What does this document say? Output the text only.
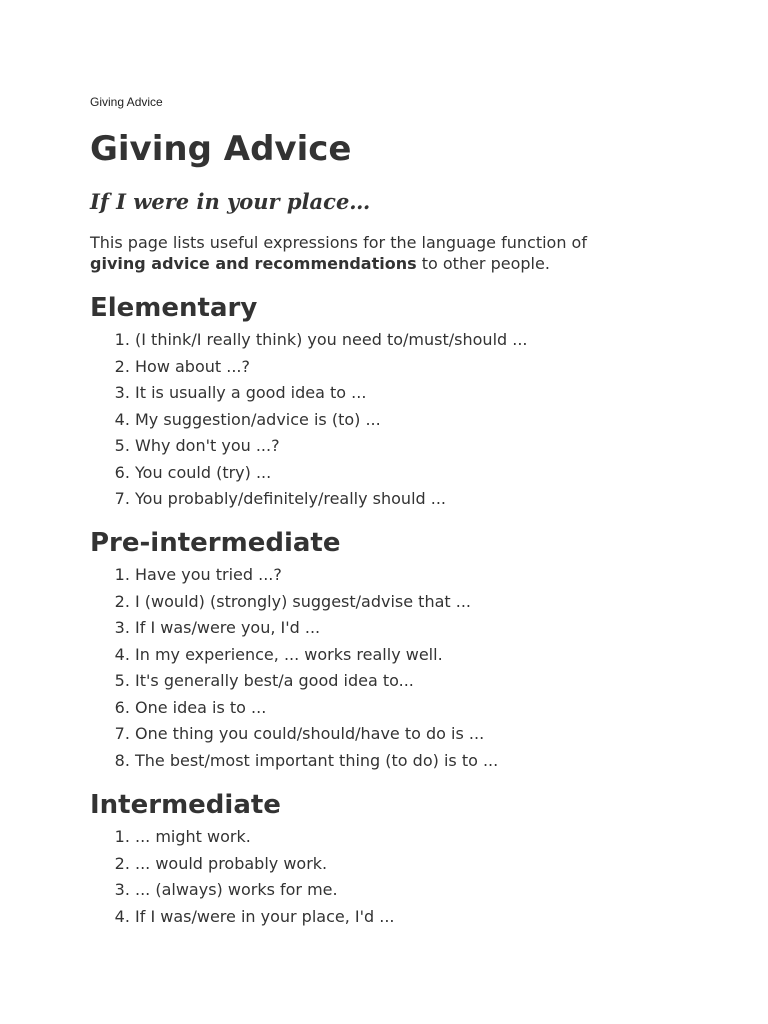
Giving Advice
Giving Advice
If I were in your place…

This page lists useful expressions for the language function of giving advice and recommendations to other people.

Elementary
1. (I think/I really think) you need to/must/should ...
2. How about ...?
3. It is usually a good idea to ...
4. My suggestion/advice is (to) ...
5. Why don't you ...?
6. You could (try) ...
7. You probably/definitely/really should ...
Pre-intermediate
1. Have you tried ...?
2. I (would) (strongly) suggest/advise that ...
3. If I was/were you, I'd ...
4. In my experience, ... works really well.
5. It's generally best/a good idea to...
6. One idea is to ...
7. One thing you could/should/have to do is ...
8. The best/most important thing (to do) is to ...
Intermediate
1. ... might work.
2. ... would probably work.
3. ... (always) works for me.
4. If I was/were in your place, I'd ...
